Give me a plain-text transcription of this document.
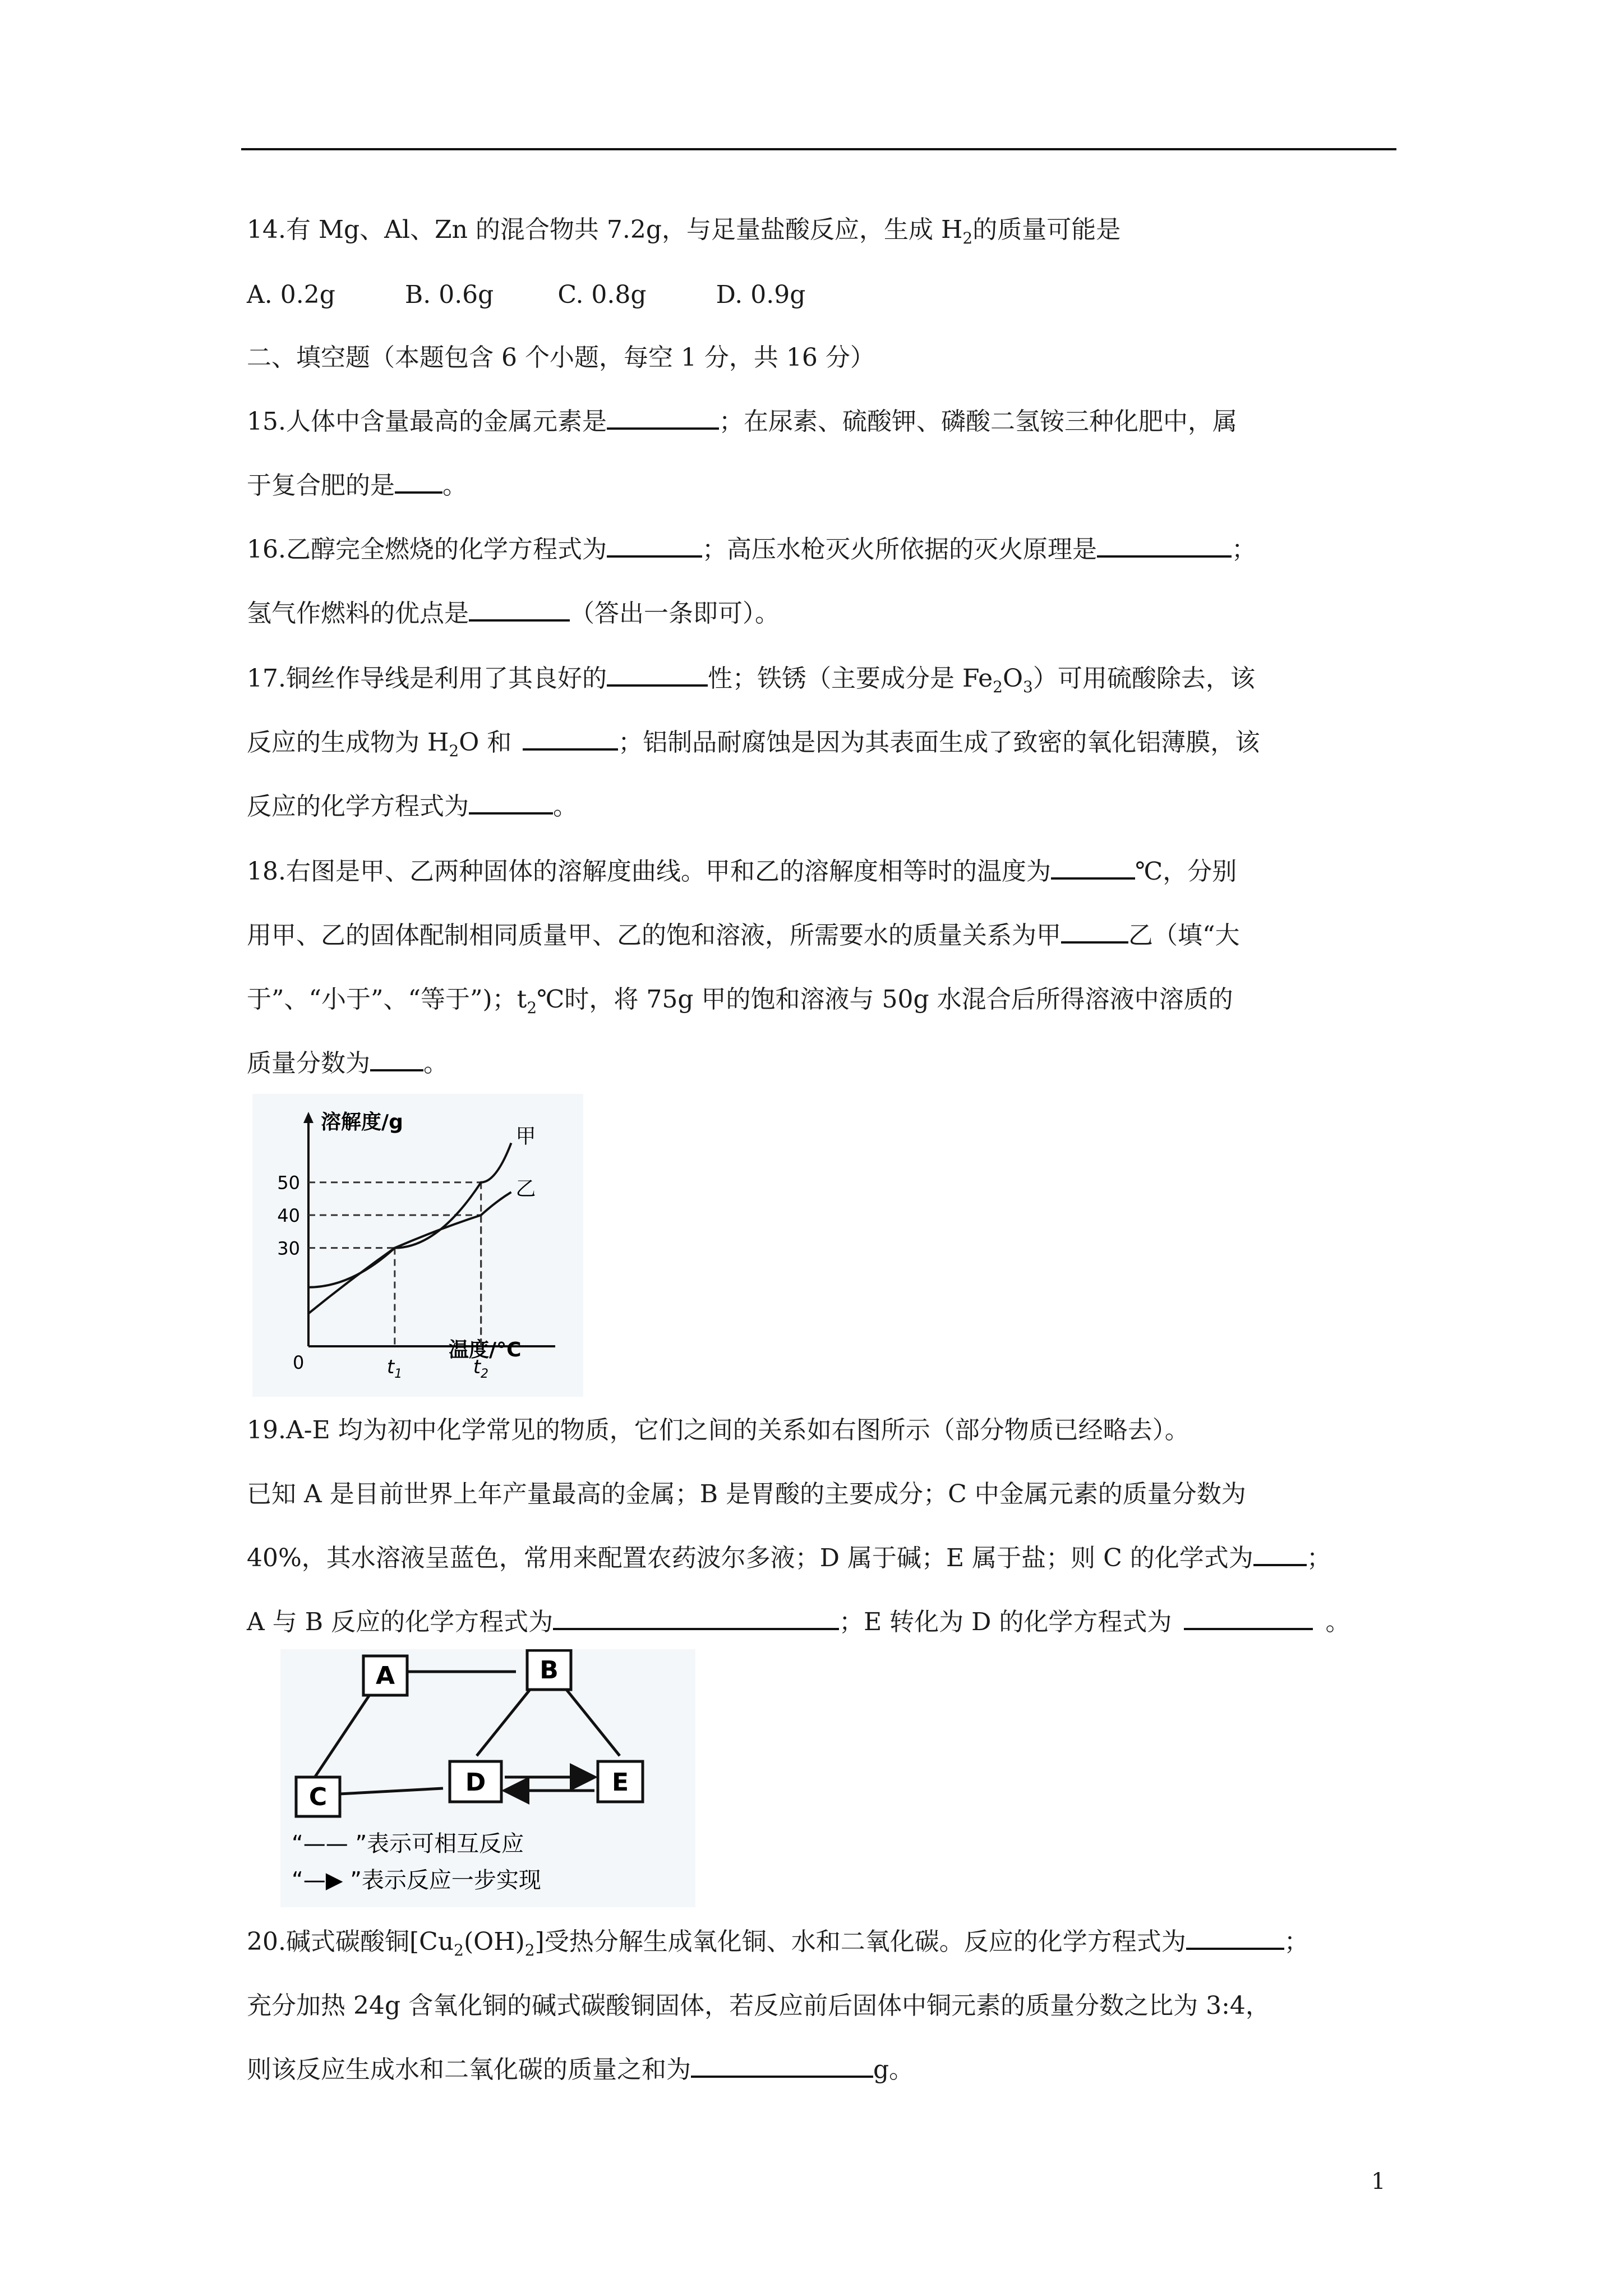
14.有 Mg、Al、Zn 的混合物共 7.2g，与足量盐酸反应，生成 $H_2$的质量可能是
A. 0.2g	B. 0.6g	C. 0.8g	D. 0.9g
二、填空题（本题包含 6 个小题，每空 1 分，共 16 分）
15.人体中含量最高的金属元素是	；在尿素、硫酸钾、磷酸二氢铵三种化肥中，属
于复合肥的是 。
16.乙醇完全燃烧的化学方程式为	；高压水枪灭火所依据的灭火原理是	；
氢气作燃料的优点是	（答出一条即可）。
17.铜丝作导线是利用了其良好的	性；铁锈（主要成分是 $Fe_2O_3$）可用硫酸除去，该
反应的生成物为 $H_2O$ 和	；铝制品耐腐蚀是因为其表面生成了致密的氧化铝薄膜，该
反应的化学方程式为	。
18.右图是甲、乙两种固体的溶解度曲线。甲和乙的溶解度相等时的温度为	℃，分别
用甲、乙的固体配制相同质量甲、乙的饱和溶液，所需要水的质量关系为甲	乙（填“大
于”、“小于”、“等于”)；$t_2℃$时，将 75g 甲的饱和溶液与 50g 水混合后所得溶液中溶质的
质量分数为 。
溶解度/g
温度/°C
0
50
40
30
$t_1$	$t_2$
甲
乙
19.A-E 均为初中化学常见的物质，它们之间的关系如右图所示（部分物质已经略去）。
已知 A 是目前世界上年产量最高的金属；B 是胃酸的主要成分；C 中金属元素的质量分数为
40%，其水溶液呈蓝色，常用来配置农药波尔多液；D 属于碱；E 属于盐；则 C 的化学式为 ；
A 与 B 反应的化学方程式为	；E 转化为 D 的化学方程式为	。
A	B
C
D	E
“—— ”表示可相互反应
“—▶ ”表示反应一步实现
20.碱式碳酸铜$[Cu_2(OH)_2]$受热分解生成氧化铜、水和二氧化碳。反应的化学方程式为	；
充分加热 24g 含氧化铜的碱式碳酸铜固体，若反应前后固体中铜元素的质量分数之比为 3:4，
则该反应生成水和二氧化碳的质量之和为	g。
1
